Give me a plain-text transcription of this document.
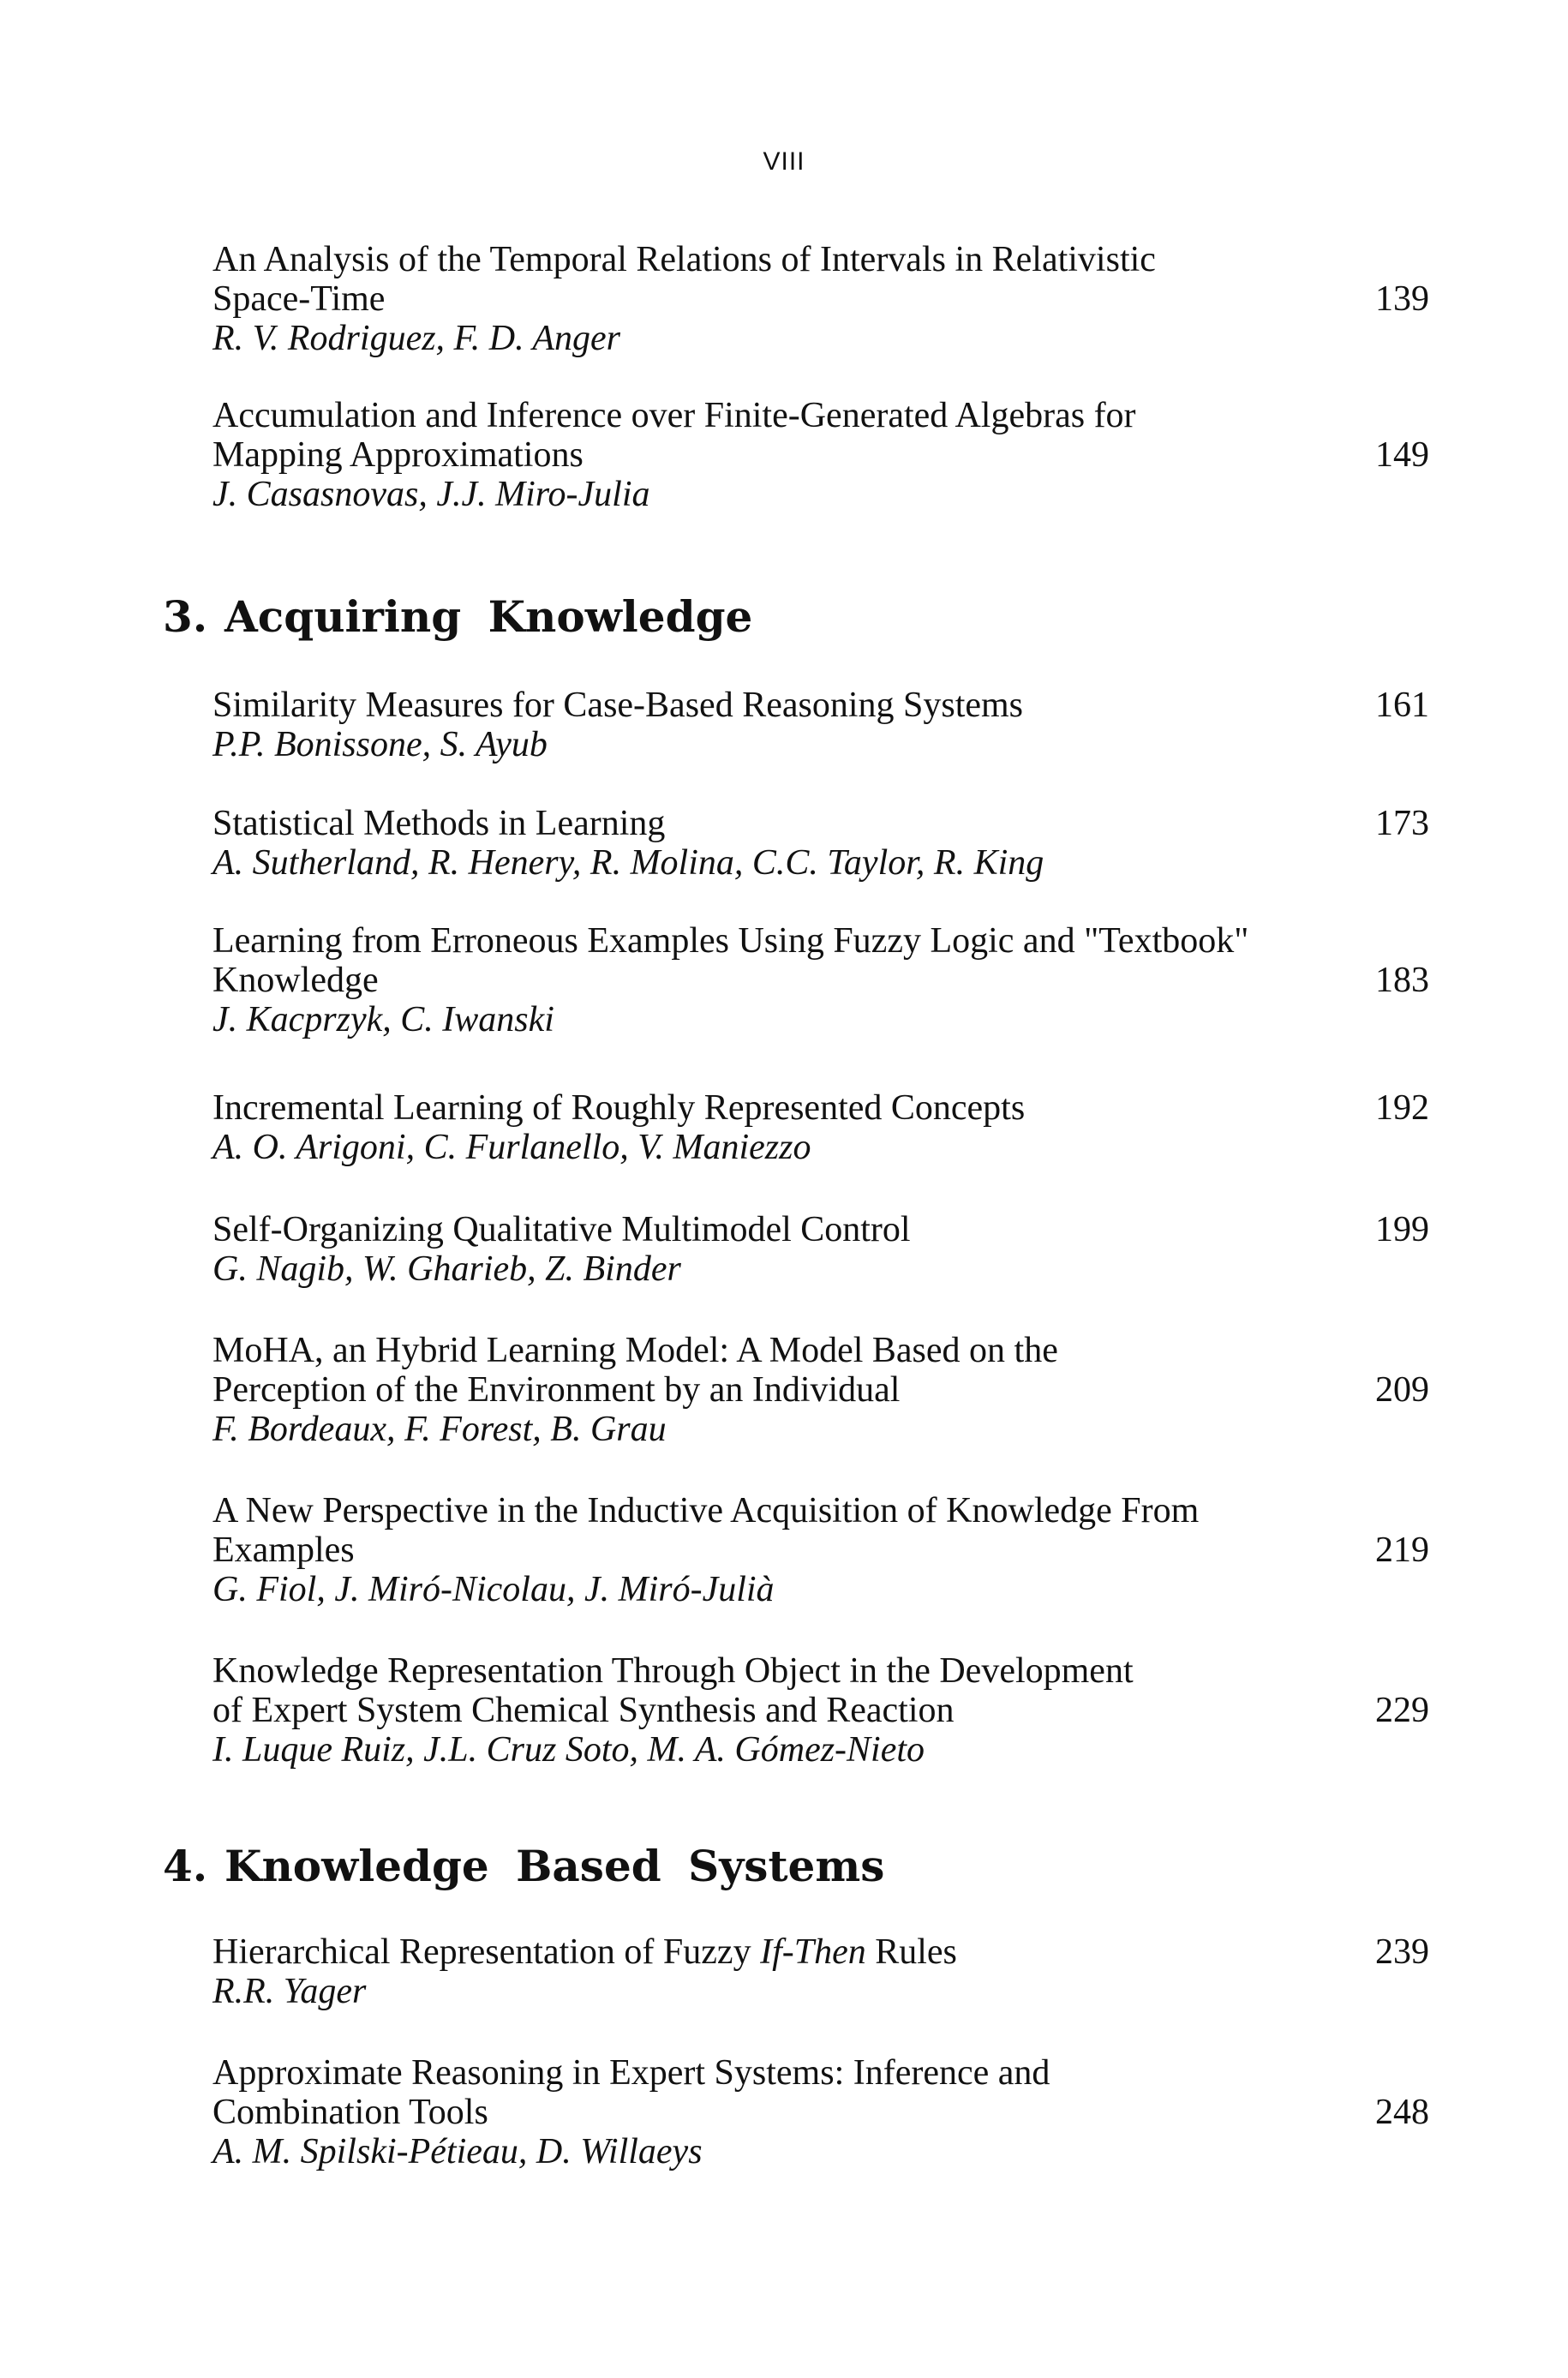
VIII
An Analysis of the Temporal Relations of Intervals in Relativistic
Space-Time	139
R. V. Rodriguez, F. D. Anger
Accumulation and Inference over Finite-Generated Algebras for
Mapping Approximations	149
J. Casasnovas, J.J. Miro-Julia
3. Acquiring Knowledge
Similarity Measures for Case-Based Reasoning Systems	161
P.P. Bonissone, S. Ayub
Statistical Methods in Learning	173
A. Sutherland, R. Henery, R. Molina, C.C. Taylor, R. King
Learning from Erroneous Examples Using Fuzzy Logic and "Textbook"
Knowledge	183
J. Kacprzyk, C. Iwanski
Incremental Learning of Roughly Represented Concepts	192
A. O. Arigoni, C. Furlanello, V. Maniezzo
Self-Organizing Qualitative Multimodel Control	199
G. Nagib, W. Gharieb, Z. Binder
MoHA, an Hybrid Learning Model: A Model Based on the
Perception of the Environment by an Individual	209
F. Bordeaux, F. Forest, B. Grau
A New Perspective in the Inductive Acquisition of Knowledge From
Examples	219
G. Fiol, J. Miró-Nicolau, J. Miró-Julià
Knowledge Representation Through Object in the Development
of Expert System Chemical Synthesis and Reaction	229
I. Luque Ruiz, J.L. Cruz Soto, M. A. Gómez-Nieto
4. Knowledge Based Systems
Hierarchical Representation of Fuzzy If-Then Rules	239
R.R. Yager
Approximate Reasoning in Expert Systems: Inference and
Combination Tools	248
A. M. Spilski-Pétieau, D. Willaeys
